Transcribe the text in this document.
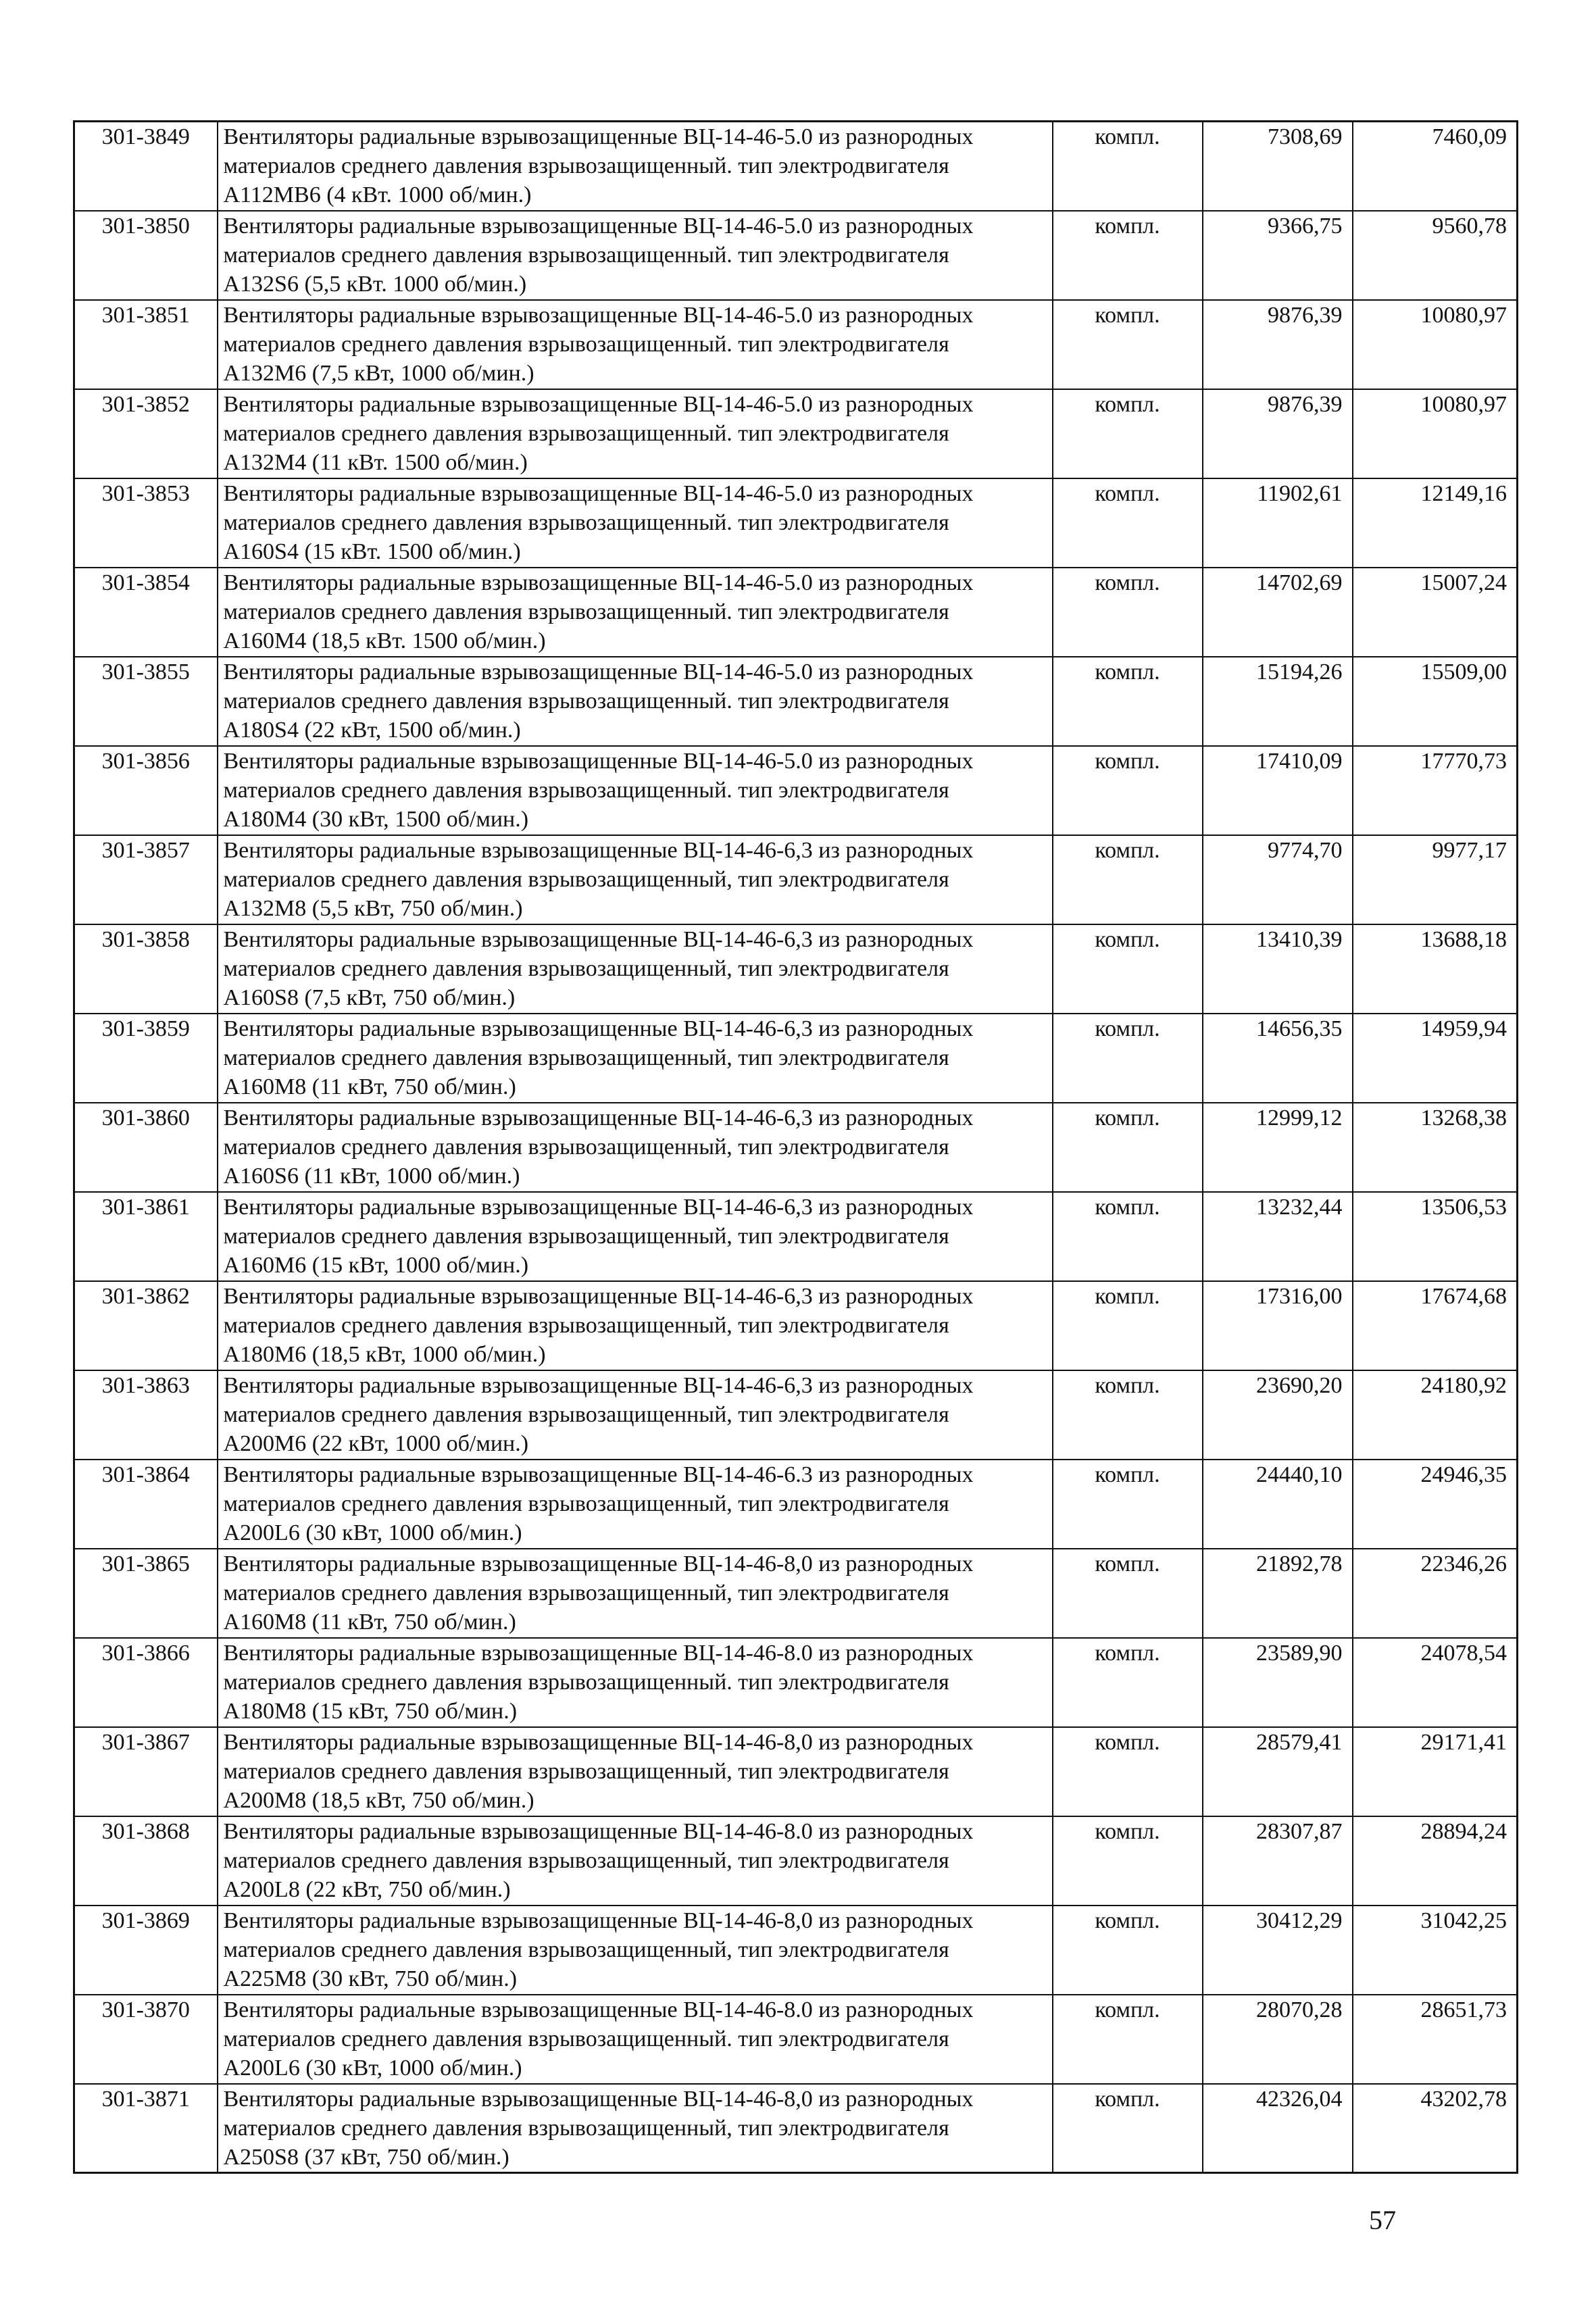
301-3849	Вентиляторы радиальные взрывозащищенные ВЦ-14-46-5.0 из разнородных
материалов среднего давления взрывозащищенный. тип электродвигателя
А112МВ6 (4 кВт. 1000 об/мин.)	компл.	7308,69	7460,09
301-3850	Вентиляторы радиальные взрывозащищенные ВЦ-14-46-5.0 из разнородных
материалов среднего давления взрывозащищенный. тип электродвигателя
А132S6 (5,5 кВт. 1000 об/мин.)	компл.	9366,75	9560,78
301-3851	Вентиляторы радиальные взрывозащищенные ВЦ-14-46-5.0 из разнородных
материалов среднего давления взрывозащищенный. тип электродвигателя
А132М6 (7,5 кВт, 1000 об/мин.)	компл.	9876,39	10080,97
301-3852	Вентиляторы радиальные взрывозащищенные ВЦ-14-46-5.0 из разнородных
материалов среднего давления взрывозащищенный. тип электродвигателя
А132М4 (11 кВт. 1500 об/мин.)	компл.	9876,39	10080,97
301-3853	Вентиляторы радиальные взрывозащищенные ВЦ-14-46-5.0 из разнородных
материалов среднего давления взрывозащищенный. тип электродвигателя
А160S4 (15 кВт. 1500 об/мин.)	компл.	11902,61	12149,16
301-3854	Вентиляторы радиальные взрывозащищенные ВЦ-14-46-5.0 из разнородных
материалов среднего давления взрывозащищенный. тип электродвигателя
А160М4 (18,5 кВт. 1500 об/мин.)	компл.	14702,69	15007,24
301-3855	Вентиляторы радиальные взрывозащищенные ВЦ-14-46-5.0 из разнородных
материалов среднего давления взрывозащищенный. тип электродвигателя
А180S4 (22 кВт, 1500 об/мин.)	компл.	15194,26	15509,00
301-3856	Вентиляторы радиальные взрывозащищенные ВЦ-14-46-5.0 из разнородных
материалов среднего давления взрывозащищенный. тип электродвигателя
А180М4 (30 кВт, 1500 об/мин.)	компл.	17410,09	17770,73
301-3857	Вентиляторы радиальные взрывозащищенные ВЦ-14-46-6,3 из разнородных
материалов среднего давления взрывозащищенный, тип электродвигателя
А132М8 (5,5 кВт, 750 об/мин.)	компл.	9774,70	9977,17
301-3858	Вентиляторы радиальные взрывозащищенные ВЦ-14-46-6,3 из разнородных
материалов среднего давления взрывозащищенный, тип электродвигателя
А160S8 (7,5 кВт, 750 об/мин.)	компл.	13410,39	13688,18
301-3859	Вентиляторы радиальные взрывозащищенные ВЦ-14-46-6,3 из разнородных
материалов среднего давления взрывозащищенный, тип электродвигателя
А160М8 (11 кВт, 750 об/мин.)	компл.	14656,35	14959,94
301-3860	Вентиляторы радиальные взрывозащищенные ВЦ-14-46-6,3 из разнородных
материалов среднего давления взрывозащищенный, тип электродвигателя
А160S6 (11 кВт, 1000 об/мин.)	компл.	12999,12	13268,38
301-3861	Вентиляторы радиальные взрывозащищенные ВЦ-14-46-6,3 из разнородных
материалов среднего давления взрывозащищенный, тип электродвигателя
А160М6 (15 кВт, 1000 об/мин.)	компл.	13232,44	13506,53
301-3862	Вентиляторы радиальные взрывозащищенные ВЦ-14-46-6,3 из разнородных
материалов среднего давления взрывозащищенный, тип электродвигателя
А180М6 (18,5 кВт, 1000 об/мин.)	компл.	17316,00	17674,68
301-3863	Вентиляторы радиальные взрывозащищенные ВЦ-14-46-6,3 из разнородных
материалов среднего давления взрывозащищенный, тип электродвигателя
А200М6 (22 кВт, 1000 об/мин.)	компл.	23690,20	24180,92
301-3864	Вентиляторы радиальные взрывозащищенные ВЦ-14-46-6.3 из разнородных
материалов среднего давления взрывозащищенный, тип электродвигателя
А200L6 (30 кВт, 1000 об/мин.)	компл.	24440,10	24946,35
301-3865	Вентиляторы радиальные взрывозащищенные ВЦ-14-46-8,0 из разнородных
материалов среднего давления взрывозащищенный, тип электродвигателя
А160М8 (11 кВт, 750 об/мин.)	компл.	21892,78	22346,26
301-3866	Вентиляторы радиальные взрывозащищенные ВЦ-14-46-8.0 из разнородных
материалов среднего давления взрывозащищенный. тип электродвигателя
А180М8 (15 кВт, 750 об/мин.)	компл.	23589,90	24078,54
301-3867	Вентиляторы радиальные взрывозащищенные ВЦ-14-46-8,0 из разнородных
материалов среднего давления взрывозащищенный, тип электродвигателя
А200М8 (18,5 кВт, 750 об/мин.)	компл.	28579,41	29171,41
301-3868	Вентиляторы радиальные взрывозащищенные ВЦ-14-46-8.0 из разнородных
материалов среднего давления взрывозащищенный, тип электродвигателя
А200L8 (22 кВт, 750 об/мин.)	компл.	28307,87	28894,24
301-3869	Вентиляторы радиальные взрывозащищенные ВЦ-14-46-8,0 из разнородных
материалов среднего давления взрывозащищенный, тип электродвигателя
А225М8 (30 кВт, 750 об/мин.)	компл.	30412,29	31042,25
301-3870	Вентиляторы радиальные взрывозащищенные ВЦ-14-46-8.0 из разнородных
материалов среднего давления взрывозащищенный. тип электродвигателя
А200L6 (30 кВт, 1000 об/мин.)	компл.	28070,28	28651,73
301-3871	Вентиляторы радиальные взрывозащищенные ВЦ-14-46-8,0 из разнородных
материалов среднего давления взрывозащищенный, тип электродвигателя
А250S8 (37 кВт, 750 об/мин.)	компл.	42326,04	43202,78
57
